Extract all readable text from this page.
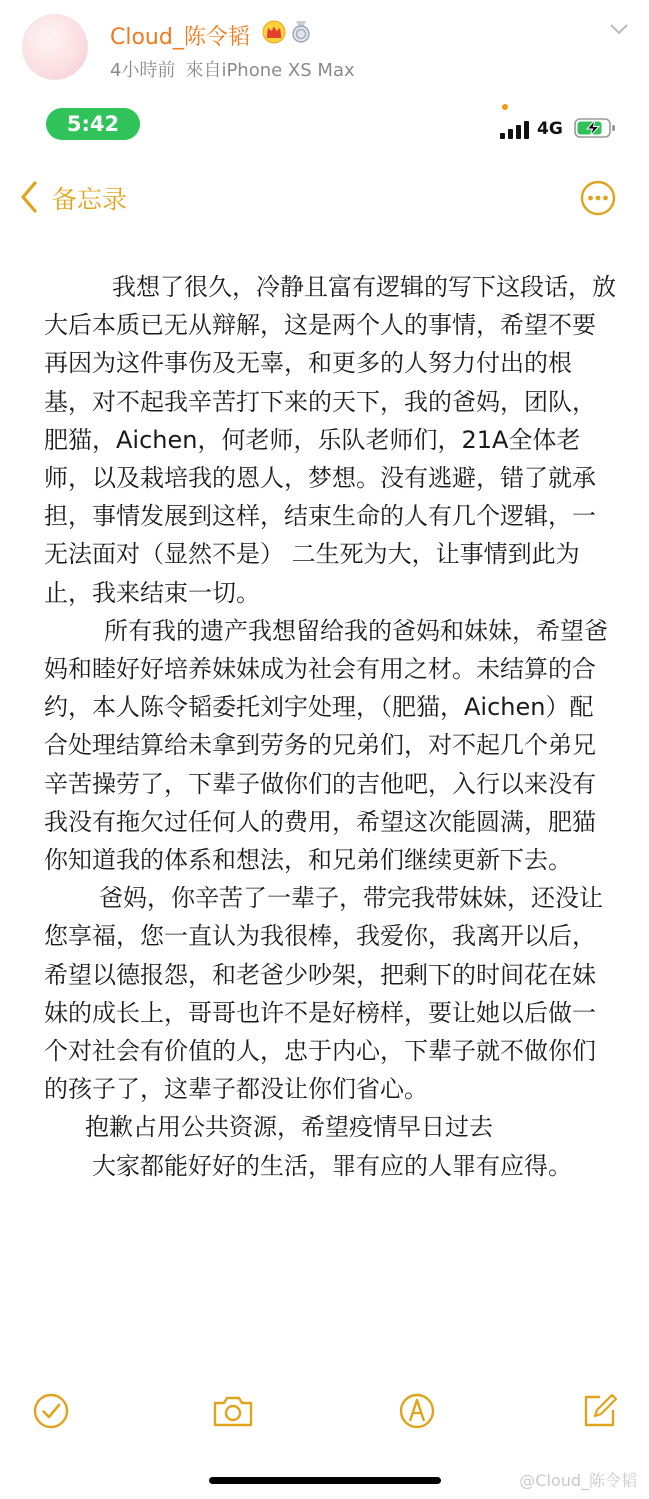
Cloud_陈令韬
4小時前 來自iPhone XS Max
5:42	4G
备忘录

我想了很久，冷静且富有逻辑的写下这段话，放大后本质已无从辩解，这是两个人的事情，希望不要再因为这件事伤及无辜，和更多的人努力付出的根基，对不起我辛苦打下来的天下，我的爸妈，团队，肥猫，Aichen，何老师，乐队老师们，21A全体老师，以及栽培我的恩人，梦想。没有逃避，错了就承担，事情发展到这样，结束生命的人有几个逻辑，一无法面对（显然不是） 二生死为大，让事情到此为止，我来结束一切。

所有我的遗产我想留给我的爸妈和妹妹，希望爸妈和睦好好培养妹妹成为社会有用之材。未结算的合约，本人陈令韬委托刘宇处理，（肥猫，Aichen）配合处理结算给未拿到劳务的兄弟们，对不起几个弟兄辛苦操劳了，下辈子做你们的吉他吧，入行以来没有我没有拖欠过任何人的费用，希望这次能圆满，肥猫你知道我的体系和想法，和兄弟们继续更新下去。

爸妈，你辛苦了一辈子，带完我带妹妹，还没让您享福，您一直认为我很棒，我爱你，我离开以后，希望以德报怨，和老爸少吵架，把剩下的时间花在妹妹的成长上，哥哥也许不是好榜样，要让她以后做一个对社会有价值的人，忠于内心，下辈子就不做你们的孩子了，这辈子都没让你们省心。

抱歉占用公共资源，希望疫情早日过去

大家都能好好的生活，罪有应的人罪有应得。

@Cloud_陈令韬
